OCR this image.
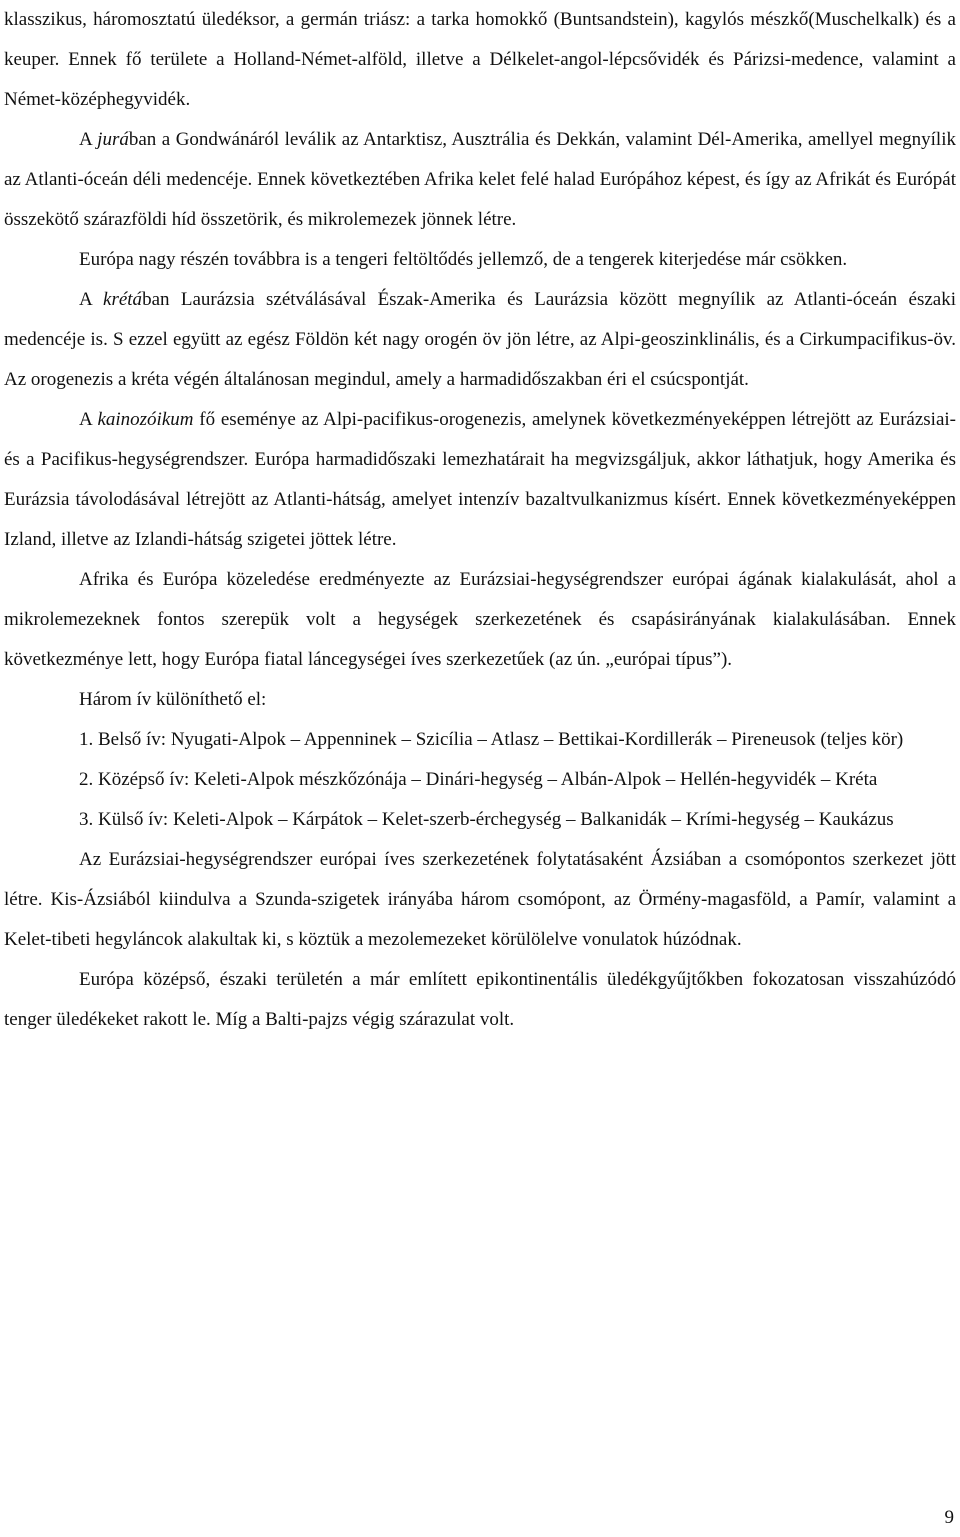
klasszikus, háromosztatú üledéksor, a germán triász: a tarka homokkő (Buntsandstein), kagylós mészkő(Muschelkalk) és a keuper. Ennek fő területe a Holland-Német-alföld, illetve a Délkelet-angol-lépcsővidék és Párizsi-medence, valamint a Német-középhegyvidék.

A jurában a Gondwánáról leválik az Antarktisz, Ausztrália és Dekkán, valamint Dél-Amerika, amellyel megnyílik az Atlanti-óceán déli medencéje. Ennek következtében Afrika kelet felé halad Európához képest, és így az Afrikát és Európát összekötő szárazföldi híd összetörik, és mikrolemezek jönnek létre.

Európa nagy részén továbbra is a tengeri feltöltődés jellemző, de a tengerek kiterjedése már csökken.

A krétában Laurázsia szétválásával Észak-Amerika és Laurázsia között megnyílik az Atlanti-óceán északi medencéje is. S ezzel együtt az egész Földön két nagy orogén öv jön létre, az Alpi-geoszinklinális, és a Cirkumpacifikus-öv. Az orogenezis a kréta végén általánosan megindul, amely a harmadidőszakban éri el csúcspontját.

A kainozóikum fő eseménye az Alpi-pacifikus-orogenezis, amelynek következményeképpen létrejött az Eurázsiai- és a Pacifikus-hegységrendszer. Európa harmadidőszaki lemezhatárait ha megvizsgáljuk, akkor láthatjuk, hogy Amerika és Eurázsia távolodásával létrejött az Atlanti-hátság, amelyet intenzív bazaltvulkanizmus kísért. Ennek következményeképpen Izland, illetve az Izlandi-hátság szigetei jöttek létre.

Afrika és Európa közeledése eredményezte az Eurázsiai-hegységrendszer európai ágának kialakulását, ahol a mikrolemezeknek fontos szerepük volt a hegységek szerkezetének és csapásirányának kialakulásában. Ennek következménye lett, hogy Európa fiatal láncegységei íves szerkezetűek (az ún. „európai típus”).

Három ív különíthető el:

1. Belső ív: Nyugati-Alpok – Appenninek – Szicília – Atlasz – Bettikai-Kordillerák – Pireneusok (teljes kör)

2. Középső ív: Keleti-Alpok mészkőzónája – Dinári-hegység – Albán-Alpok – Hellén-hegyvidék – Kréta

3. Külső ív: Keleti-Alpok – Kárpátok – Kelet-szerb-érchegység – Balkanidák – Krími-hegység – Kaukázus

Az Eurázsiai-hegységrendszer európai íves szerkezetének folytatásaként Ázsiában a csomópontos szerkezet jött létre. Kis-Ázsiából kiindulva a Szunda-szigetek irányába három csomópont, az Örmény-magasföld, a Pamír, valamint a Kelet-tibeti hegyláncok alakultak ki, s köztük a mezolemezeket körülölelve vonulatok húzódnak.

Európa középső, északi területén a már említett epikontinentális üledékgyűjtőkben fokozatosan visszahúzódó tenger üledékeket rakott le. Míg a Balti-pajzs végig szárazulat volt.

9
